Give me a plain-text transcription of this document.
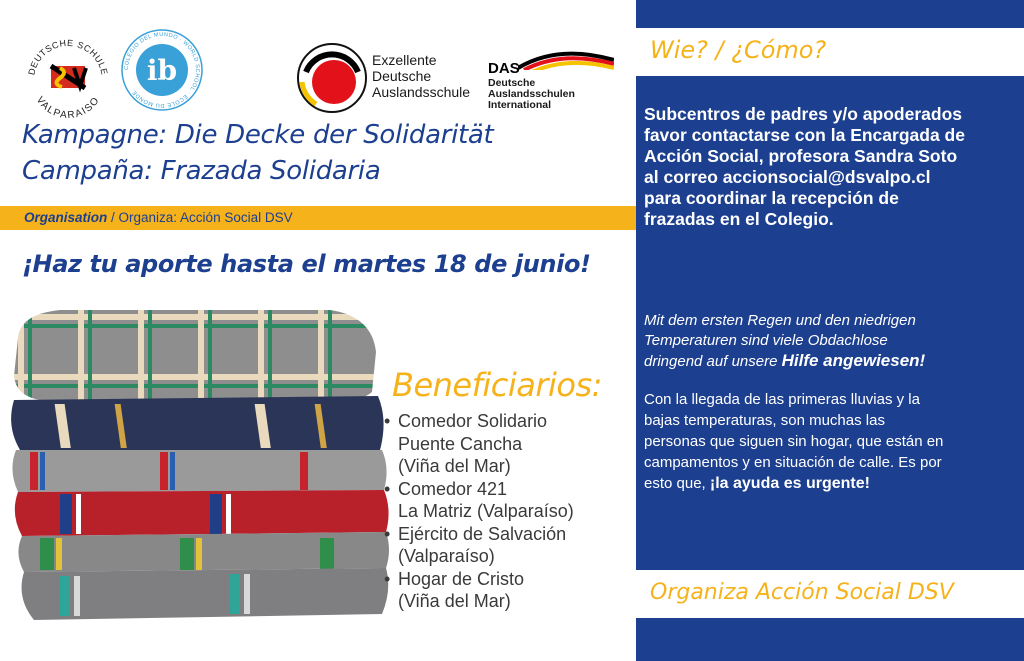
DEUTSCHE SCHULE
VALPARAISO
COLEGIO DEL MUNDO · WORLD SCHOOL · ÉCOLE DU MONDE
ib	Exzellente
Deutsche
Auslandsschule
DAS
Deutsche Auslandsschulen
International
Kampagne: Die Decke der Solidarität
Campaña: Frazada Solidaria
Organisation / Organiza: Acción Social DSV
¡Haz tu aporte hasta el martes 18 de junio!
Beneficiarios:
• Comedor Solidario
Puente Cancha
(Viña del Mar)
• Comedor 421
La Matriz (Valparaíso)
• Ejército de Salvación
(Valparaíso)
• Hogar de Cristo
(Viña del Mar)
Wie? / ¿Cómo?
Subcentros de padres y/o apoderados
favor contactarse con la Encargada de
Acción Social, profesora Sandra Soto
al correo accionsocial@dsvalpo.cl
para coordinar la recepción de
frazadas en el Colegio.
Mit dem ersten Regen und den niedrigen
Temperaturen sind viele Obdachlose
dringend auf unsere Hilfe angewiesen!
Con la llegada de las primeras lluvias y la
bajas temperaturas, son muchas las
personas que siguen sin hogar, que están en
campamentos y en situación de calle. Es por
esto que, ¡la ayuda es urgente!
Organiza Acción Social DSV
